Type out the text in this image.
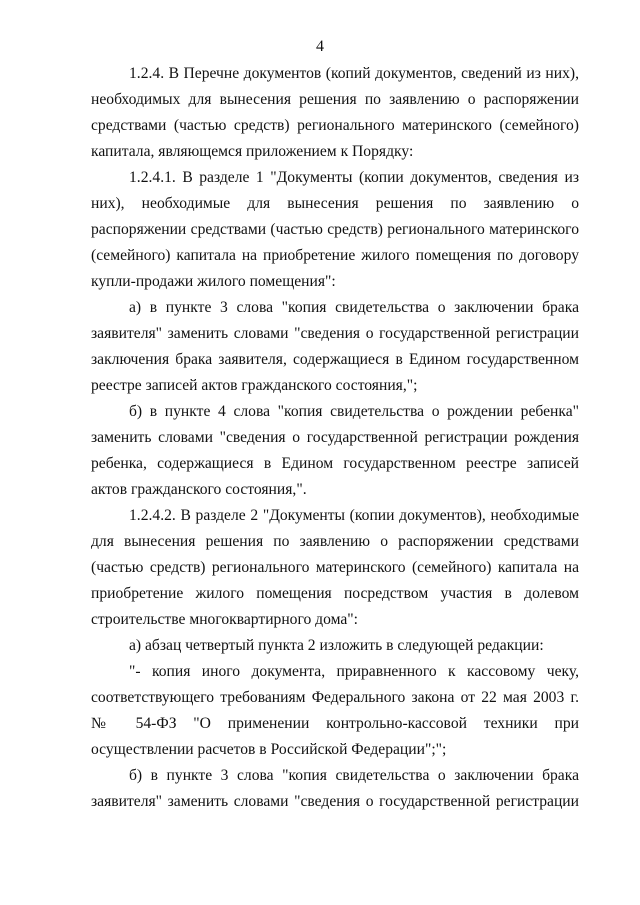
4

1.2.4. В Перечне документов (копий документов, сведений из них), необходимых для вынесения решения по заявлению о распоряжении средствами (частью средств) регионального материнского (семейного) капитала, являющемся приложением к Порядку:

1.2.4.1. В разделе 1 "Документы (копии документов, сведения из них), необходимые для вынесения решения по заявлению о распоряжении средствами (частью средств) регионального материнского (семейного) капитала на приобретение жилого помещения по договору купли-продажи жилого помещения":

а) в пункте 3 слова "копия свидетельства о заключении брака заявителя" заменить словами "сведения о государственной регистрации заключения брака заявителя, содержащиеся в Едином государственном реестре записей актов гражданского состояния,";

б) в пункте 4 слова "копия свидетельства о рождении ребенка" заменить словами "сведения о государственной регистрации рождения ребенка, содержащиеся в Едином государственном реестре записей актов гражданского состояния,".

1.2.4.2. В разделе 2 "Документы (копии документов), необходимые для вынесения решения по заявлению о распоряжении средствами (частью средств) регионального материнского (семейного) капитала на приобретение жилого помещения посредством участия в долевом строительстве многоквартирного дома":

а) абзац четвертый пункта 2 изложить в следующей редакции:

"- копия иного документа, приравненного к кассовому чеку, соответствующего требованиям Федерального закона от 22 мая 2003 г. № 54-ФЗ "О применении контрольно-кассовой техники при осуществлении расчетов в Российской Федерации";";

б) в пункте 3 слова "копия свидетельства о заключении брака заявителя" заменить словами "сведения о государственной регистрации
